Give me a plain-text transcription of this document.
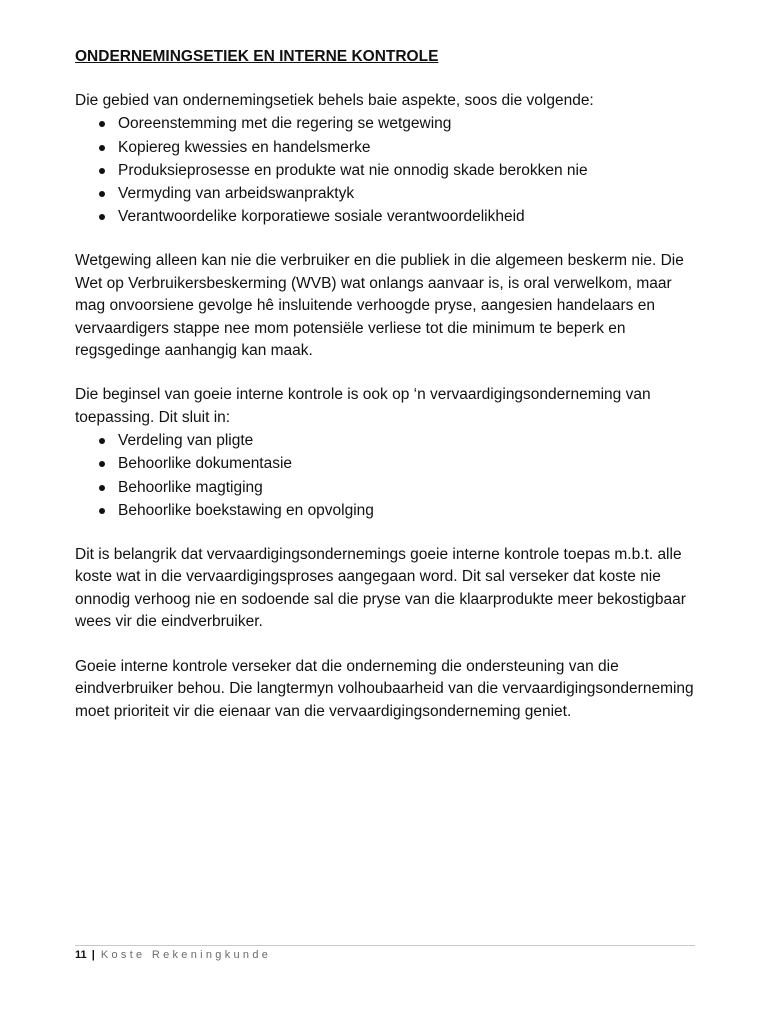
ONDERNEMINGSETIEK EN INTERNE KONTROLE
Die gebied van ondernemingsetiek behels baie aspekte, soos die volgende:
Ooreenstemming met die regering se wetgewing
Kopiereg kwessies en handelsmerke
Produksieprosesse en produkte wat nie onnodig skade berokken nie
Vermyding van arbeidswanpraktyk
Verantwoordelike korporatiewe sosiale verantwoordelikheid

Wetgewing alleen kan nie die verbruiker en die publiek in die algemeen beskerm nie. Die Wet op Verbruikersbeskerming (WVB) wat onlangs aanvaar is, is oral verwelkom, maar mag onvoorsiene gevolge hê insluitende verhoogde pryse, aangesien handelaars en vervaardigers stappe nee mom potensiële verliese tot die minimum te beperk en regsgedinge aanhangig kan maak.

Die beginsel van goeie interne kontrole is ook op ‘n vervaardigingsonderneming van toepassing. Dit sluit in:
Verdeling van pligte
Behoorlike dokumentasie
Behoorlike magtiging
Behoorlike boekstawing en opvolging

Dit is belangrik dat vervaardigingsondernemings goeie interne kontrole toepas m.b.t. alle koste wat in die vervaardigingsproses aangegaan word. Dit sal verseker dat koste nie onnodig verhoog nie en sodoende sal die pryse van die klaarprodukte meer bekostigbaar wees vir die eindverbruiker.

Goeie interne kontrole verseker dat die onderneming die ondersteuning van die eindverbruiker behou. Die langtermyn volhoubaarheid van die vervaardigingsonderneming moet prioriteit vir die eienaar van die vervaardigingsonderneming geniet.

11 | Koste Rekeningkunde
